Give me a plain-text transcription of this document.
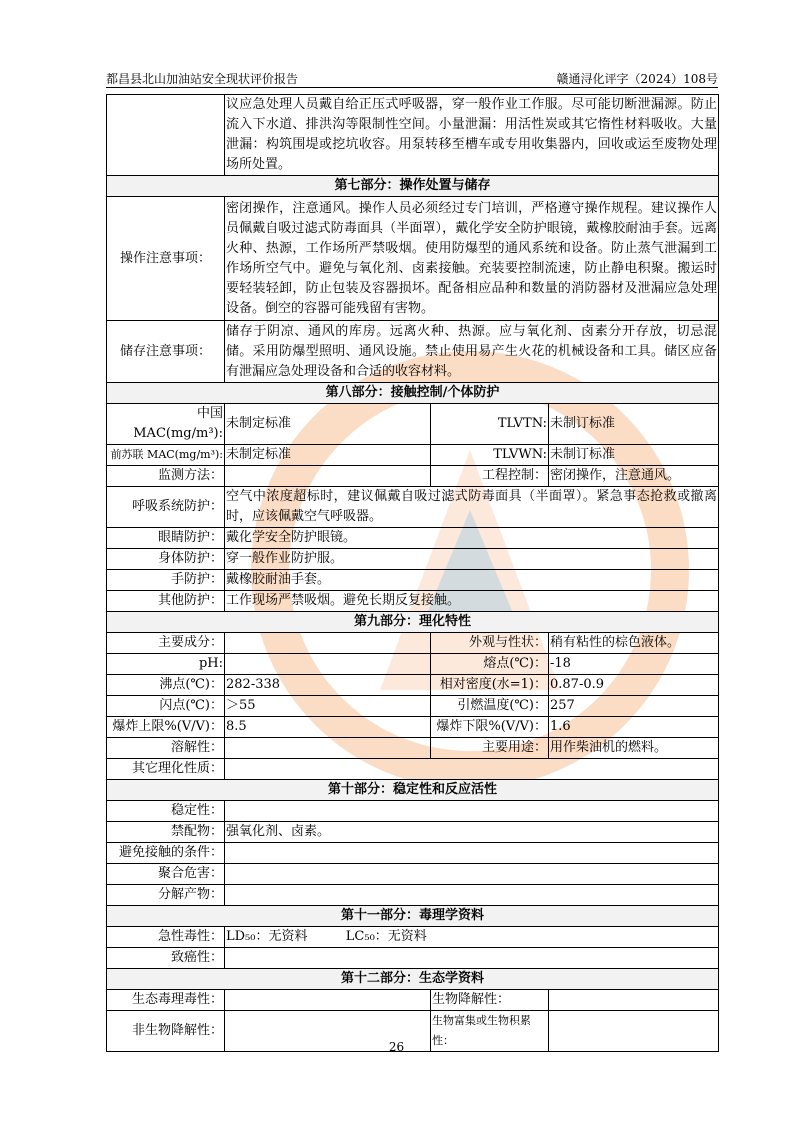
都昌县北山加油站安全现状评价报告	赣通浔化评字（2024）108号
	议应急处理人员戴自给正压式呼吸器，穿一般作业工作服。尽可能切断泄漏源。防止流入下水道、排洪沟等限制性空间。小量泄漏：用活性炭或其它惰性材料吸收。大量泄漏：构筑围堤或挖坑收容。用泵转移至槽车或专用收集器内，回收或运至废物处理场所处置。		
第七部分：操作处置与储存			
操作注意事项：	密闭操作，注意通风。操作人员必须经过专门培训，严格遵守操作规程。建议操作人员佩戴自吸过滤式防毒面具（半面罩），戴化学安全防护眼镜，戴橡胶耐油手套。远离火种、热源，工作场所严禁吸烟。使用防爆型的通风系统和设备。防止蒸气泄漏到工作场所空气中。避免与氧化剂、卤素接触。充装要控制流速，防止静电积聚。搬运时要轻装轻卸，防止包装及容器损坏。配备相应品种和数量的消防器材及泄漏应急处理设备。倒空的容器可能残留有害物。		
储存注意事项：	储存于阴凉、通风的库房。远离火种、热源。应与氧化剂、卤素分开存放，切忌混储。采用防爆型照明、通风设施。禁止使用易产生火花的机械设备和工具。储区应备有泄漏应急处理设备和合适的收容材料。		
第八部分：接触控制/个体防护			
中国 MAC(mg/m³):	未制定标准	TLVTN:	未制订标准
前苏联 MAC(mg/m³):	未制定标准	TLVWN:	未制订标准
监测方法：		工程控制：	密闭操作，注意通风。
呼吸系统防护：	空气中浓度超标时，建议佩戴自吸过滤式防毒面具（半面罩）。紧急事态抢救或撤离时，应该佩戴空气呼吸器。		
眼睛防护：	戴化学安全防护眼镜。		
身体防护：	穿一般作业防护服。		
手防护：	戴橡胶耐油手套。		
其他防护：	工作现场严禁吸烟。避免长期反复接触。		
第九部分：理化特性			
主要成分：		外观与性状：	稍有粘性的棕色液体。
pH:		熔点(℃)：	-18
沸点(℃)：	282-338	相对密度(水=1)：	0.87-0.9
闪点(℃)：	＞55	引燃温度(℃)：	257
爆炸上限%(V/V)：	8.5	爆炸下限%(V/V)：	1.6
溶解性：		主要用途：	用作柴油机的燃料。
其它理化性质：			
第十部分：稳定性和反应活性			
稳定性：			
禁配物：	强氧化剂、卤素。		
避免接触的条件：			
聚合危害：			
分解产物：			
第十一部分：毒理学资料			
急性毒性：	LD₅₀：无资料 LC₅₀：无资料		
致癌性：			
第十二部分：生态学资料			
生态毒理毒性：		生物降解性：	
非生物降解性：		生物富集或生物积累性：	
26
